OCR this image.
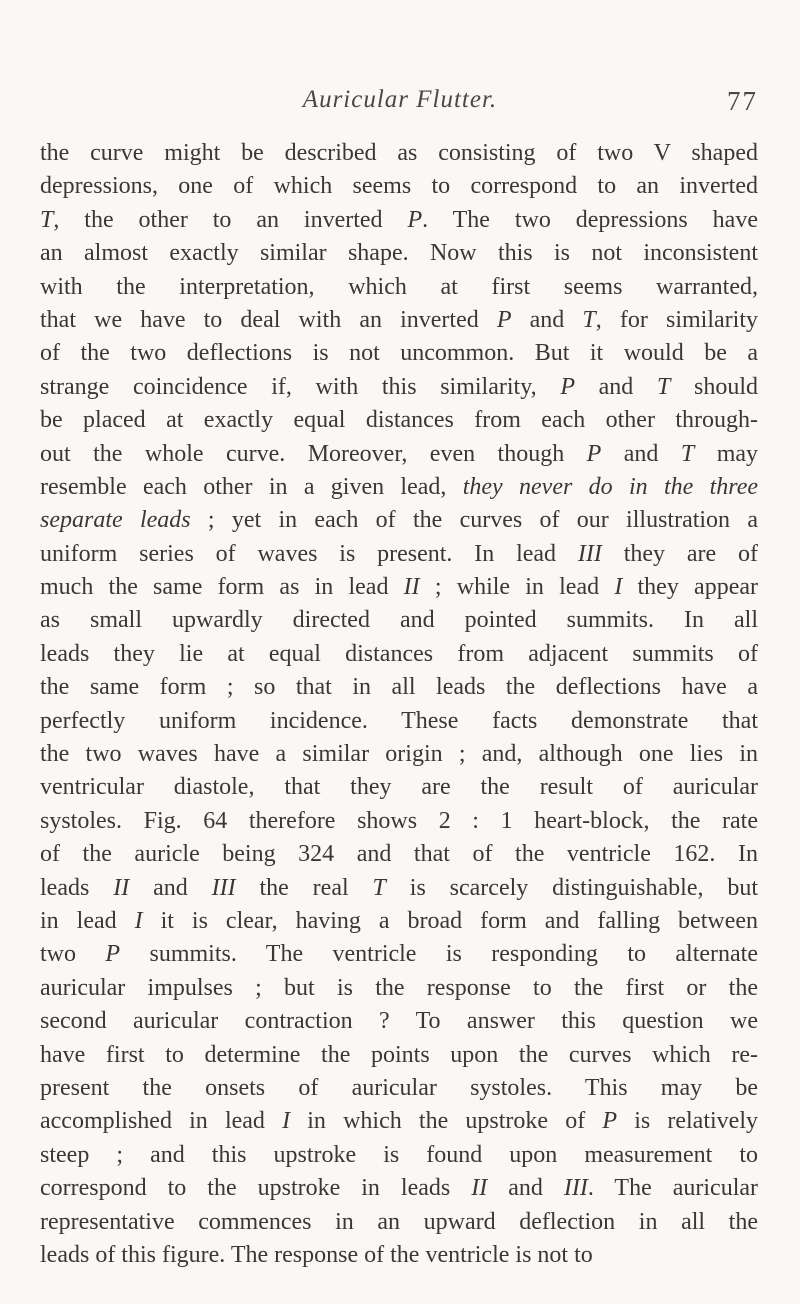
Auricular Flutter.	77
the curve might be described as consisting of two V shaped
depressions, one of which seems to correspond to an inverted
T, the other to an inverted P. The two depressions have
an almost exactly similar shape. Now this is not inconsistent
with the interpretation, which at first seems warranted,
that we have to deal with an inverted P and T, for similarity
of the two deflections is not uncommon. But it would be a
strange coincidence if, with this similarity, P and T should
be placed at exactly equal distances from each other through-
out the whole curve. Moreover, even though P and T may
resemble each other in a given lead, they never do in the three
separate leads ; yet in each of the curves of our illustration a
uniform series of waves is present. In lead III they are of
much the same form as in lead II ; while in lead I they appear
as small upwardly directed and pointed summits. In all
leads they lie at equal distances from adjacent summits of
the same form ; so that in all leads the deflections have a
perfectly uniform incidence. These facts demonstrate that
the two waves have a similar origin ; and, although one lies in
ventricular diastole, that they are the result of auricular
systoles. Fig. 64 therefore shows 2 : 1 heart-block, the rate
of the auricle being 324 and that of the ventricle 162. In
leads II and III the real T is scarcely distinguishable, but
in lead I it is clear, having a broad form and falling between
two P summits. The ventricle is responding to alternate
auricular impulses ; but is the response to the first or the
second auricular contraction ? To answer this question we
have first to determine the points upon the curves which re-
present the onsets of auricular systoles. This may be
accomplished in lead I in which the upstroke of P is relatively
steep ; and this upstroke is found upon measurement to
correspond to the upstroke in leads II and III. The auricular
representative commences in an upward deflection in all the
leads of this figure. The response of the ventricle is not to
